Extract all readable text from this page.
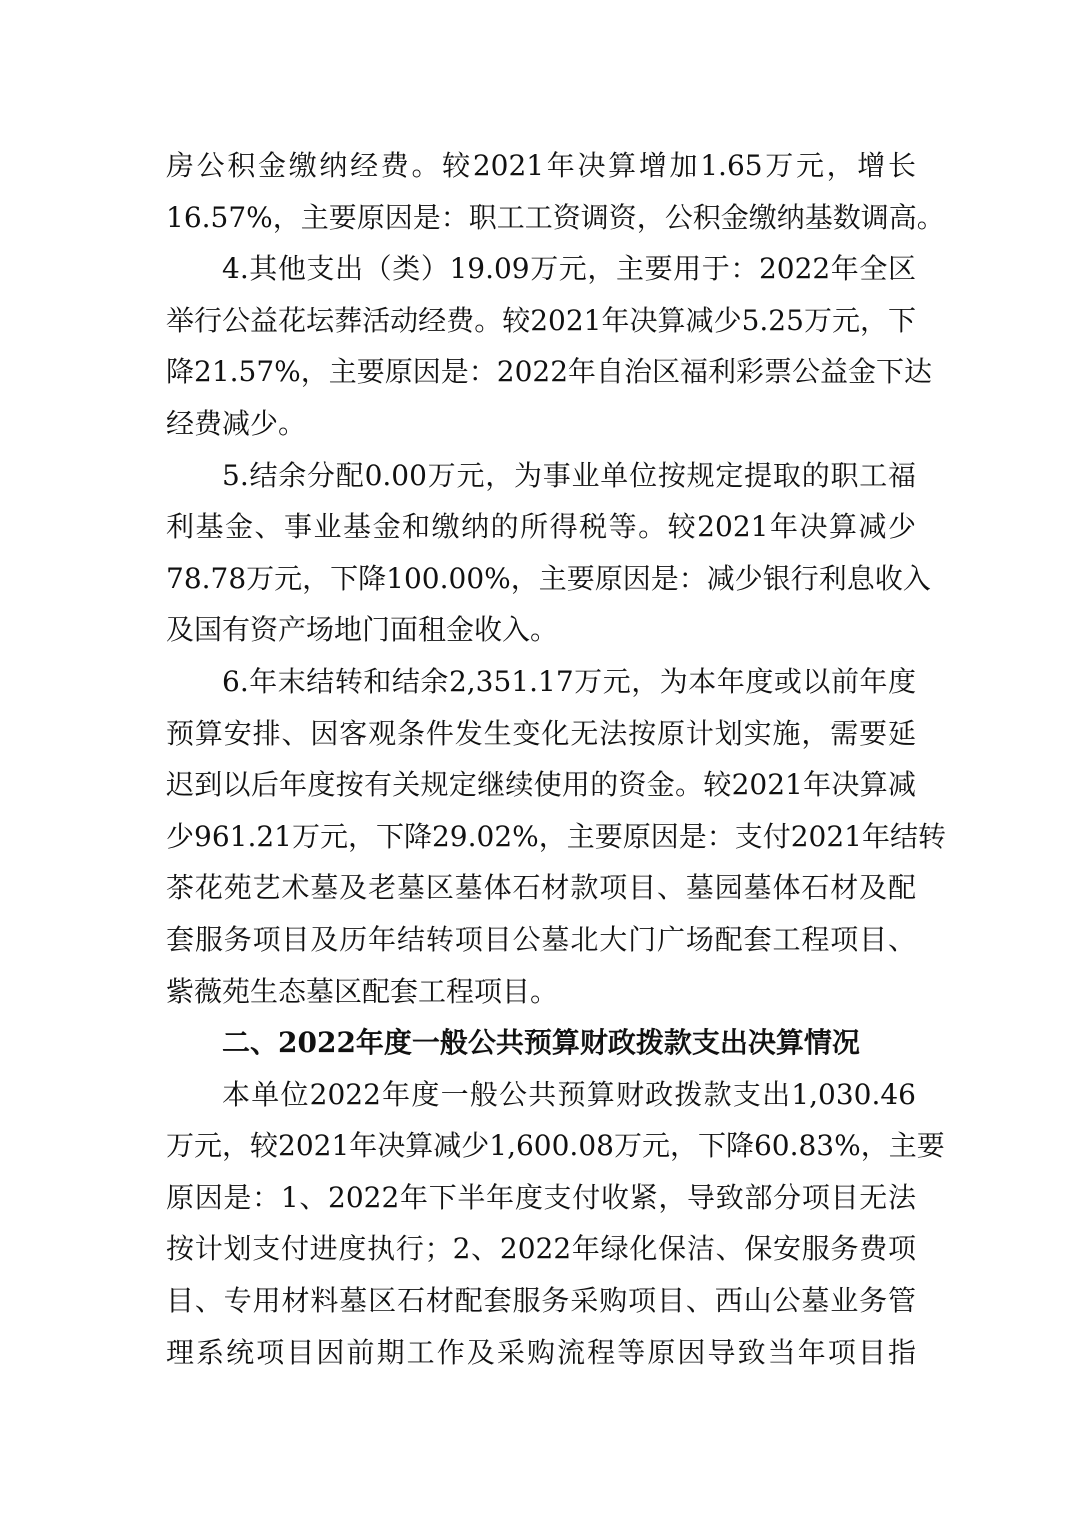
房公积金缴纳经费。较2021年决算增加1.65万元，增长
16.57%，主要原因是：职工工资调资，公积金缴纳基数调高。
4.其他支出（类）19.09万元，主要用于：2022年全区
举行公益花坛葬活动经费。较2021年决算减少5.25万元，下
降21.57%，主要原因是：2022年自治区福利彩票公益金下达
经费减少。
5.结余分配0.00万元，为事业单位按规定提取的职工福
利基金、事业基金和缴纳的所得税等。较2021年决算减少
78.78万元，下降100.00%，主要原因是：减少银行利息收入
及国有资产场地门面租金收入。
6.年末结转和结余2,351.17万元，为本年度或以前年度
预算安排、因客观条件发生变化无法按原计划实施，需要延
迟到以后年度按有关规定继续使用的资金。较2021年决算减
少961.21万元，下降29.02%，主要原因是：支付2021年结转
茶花苑艺术墓及老墓区墓体石材款项目、墓园墓体石材及配
套服务项目及历年结转项目公墓北大门广场配套工程项目、
紫薇苑生态墓区配套工程项目。
二、2022年度一般公共预算财政拨款支出决算情况
本单位2022年度一般公共预算财政拨款支出1,030.46
万元，较2021年决算减少1,600.08万元，下降60.83%，主要
原因是：1、2022年下半年度支付收紧，导致部分项目无法
按计划支付进度执行；2、2022年绿化保洁、保安服务费项
目、专用材料墓区石材配套服务采购项目、西山公墓业务管
理系统项目因前期工作及采购流程等原因导致当年项目指
